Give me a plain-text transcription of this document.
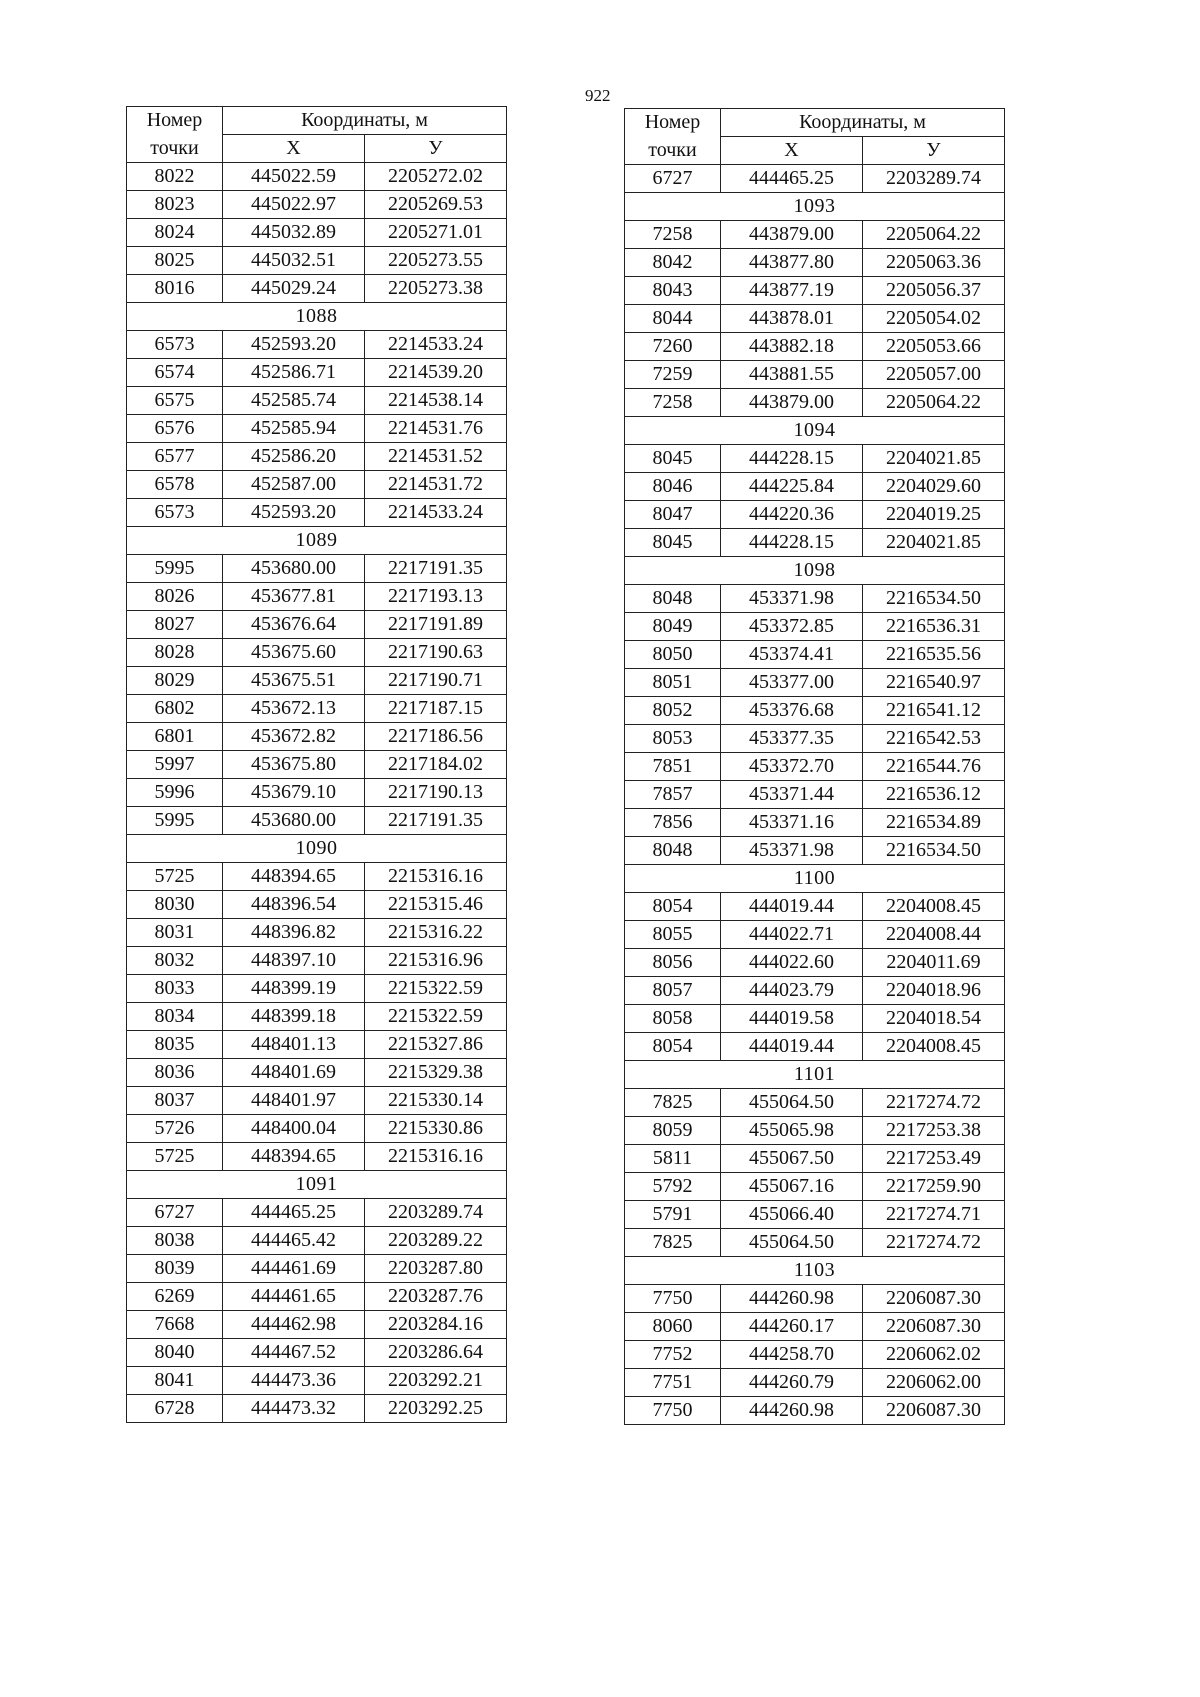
922
Номер	Координаты, м	
точки	X	У
8022	445022.59	2205272.02
8023	445022.97	2205269.53
8024	445032.89	2205271.01
8025	445032.51	2205273.55
8016	445029.24	2205273.38
1088		
6573	452593.20	2214533.24
6574	452586.71	2214539.20
6575	452585.74	2214538.14
6576	452585.94	2214531.76
6577	452586.20	2214531.52
6578	452587.00	2214531.72
6573	452593.20	2214533.24
1089		
5995	453680.00	2217191.35
8026	453677.81	2217193.13
8027	453676.64	2217191.89
8028	453675.60	2217190.63
8029	453675.51	2217190.71
6802	453672.13	2217187.15
6801	453672.82	2217186.56
5997	453675.80	2217184.02
5996	453679.10	2217190.13
5995	453680.00	2217191.35
1090		
5725	448394.65	2215316.16
8030	448396.54	2215315.46
8031	448396.82	2215316.22
8032	448397.10	2215316.96
8033	448399.19	2215322.59
8034	448399.18	2215322.59
8035	448401.13	2215327.86
8036	448401.69	2215329.38
8037	448401.97	2215330.14
5726	448400.04	2215330.86
5725	448394.65	2215316.16
1091		
6727	444465.25	2203289.74
8038	444465.42	2203289.22
8039	444461.69	2203287.80
6269	444461.65	2203287.76
7668	444462.98	2203284.16
8040	444467.52	2203286.64
8041	444473.36	2203292.21
6728	444473.32	2203292.25
Номер	Координаты, м	
точки	X	У
6727	444465.25	2203289.74
1093		
7258	443879.00	2205064.22
8042	443877.80	2205063.36
8043	443877.19	2205056.37
8044	443878.01	2205054.02
7260	443882.18	2205053.66
7259	443881.55	2205057.00
7258	443879.00	2205064.22
1094		
8045	444228.15	2204021.85
8046	444225.84	2204029.60
8047	444220.36	2204019.25
8045	444228.15	2204021.85
1098		
8048	453371.98	2216534.50
8049	453372.85	2216536.31
8050	453374.41	2216535.56
8051	453377.00	2216540.97
8052	453376.68	2216541.12
8053	453377.35	2216542.53
7851	453372.70	2216544.76
7857	453371.44	2216536.12
7856	453371.16	2216534.89
8048	453371.98	2216534.50
1100		
8054	444019.44	2204008.45
8055	444022.71	2204008.44
8056	444022.60	2204011.69
8057	444023.79	2204018.96
8058	444019.58	2204018.54
8054	444019.44	2204008.45
1101		
7825	455064.50	2217274.72
8059	455065.98	2217253.38
5811	455067.50	2217253.49
5792	455067.16	2217259.90
5791	455066.40	2217274.71
7825	455064.50	2217274.72
1103		
7750	444260.98	2206087.30
8060	444260.17	2206087.30
7752	444258.70	2206062.02
7751	444260.79	2206062.00
7750	444260.98	2206087.30
